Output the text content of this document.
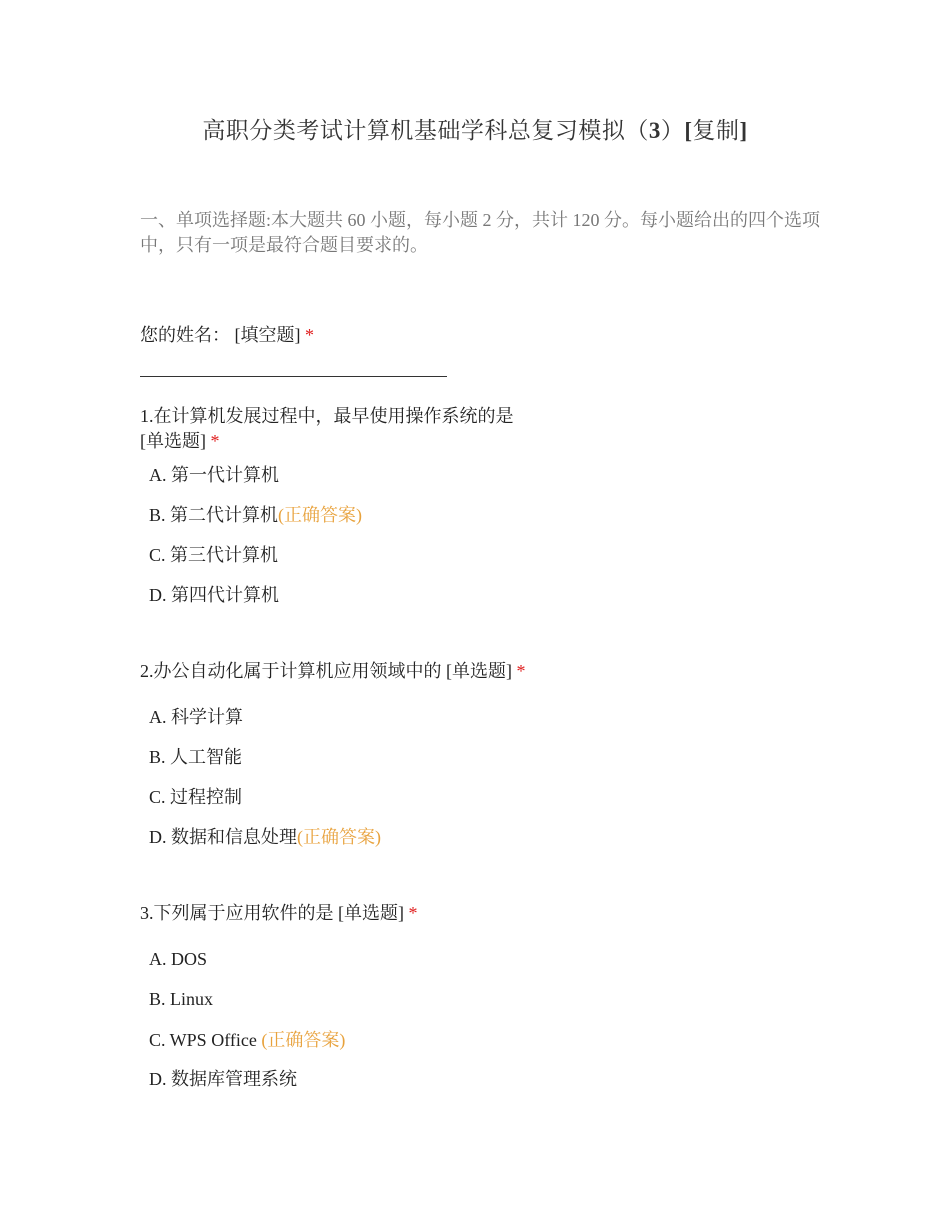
高职分类考试计算机基础学科总复习模拟（3）[复制]
一、单项选择题:本大题共 60 小题，每小题 2 分，共计 120 分。每小题给出的四个选项中，只有一项是最符合题目要求的。
您的姓名： [填空题] *
1.在计算机发展过程中，最早使用操作系统的是
[单选题] *
A. 第一代计算机
B. 第二代计算机(正确答案)
C. 第三代计算机
D. 第四代计算机
2.办公自动化属于计算机应用领域中的 [单选题] *
A. 科学计算
B. 人工智能
C. 过程控制
D. 数据和信息处理(正确答案)
3.下列属于应用软件的是 [单选题] *
A. DOS
B. Linux
C. WPS Office (正确答案)
D. 数据库管理系统
